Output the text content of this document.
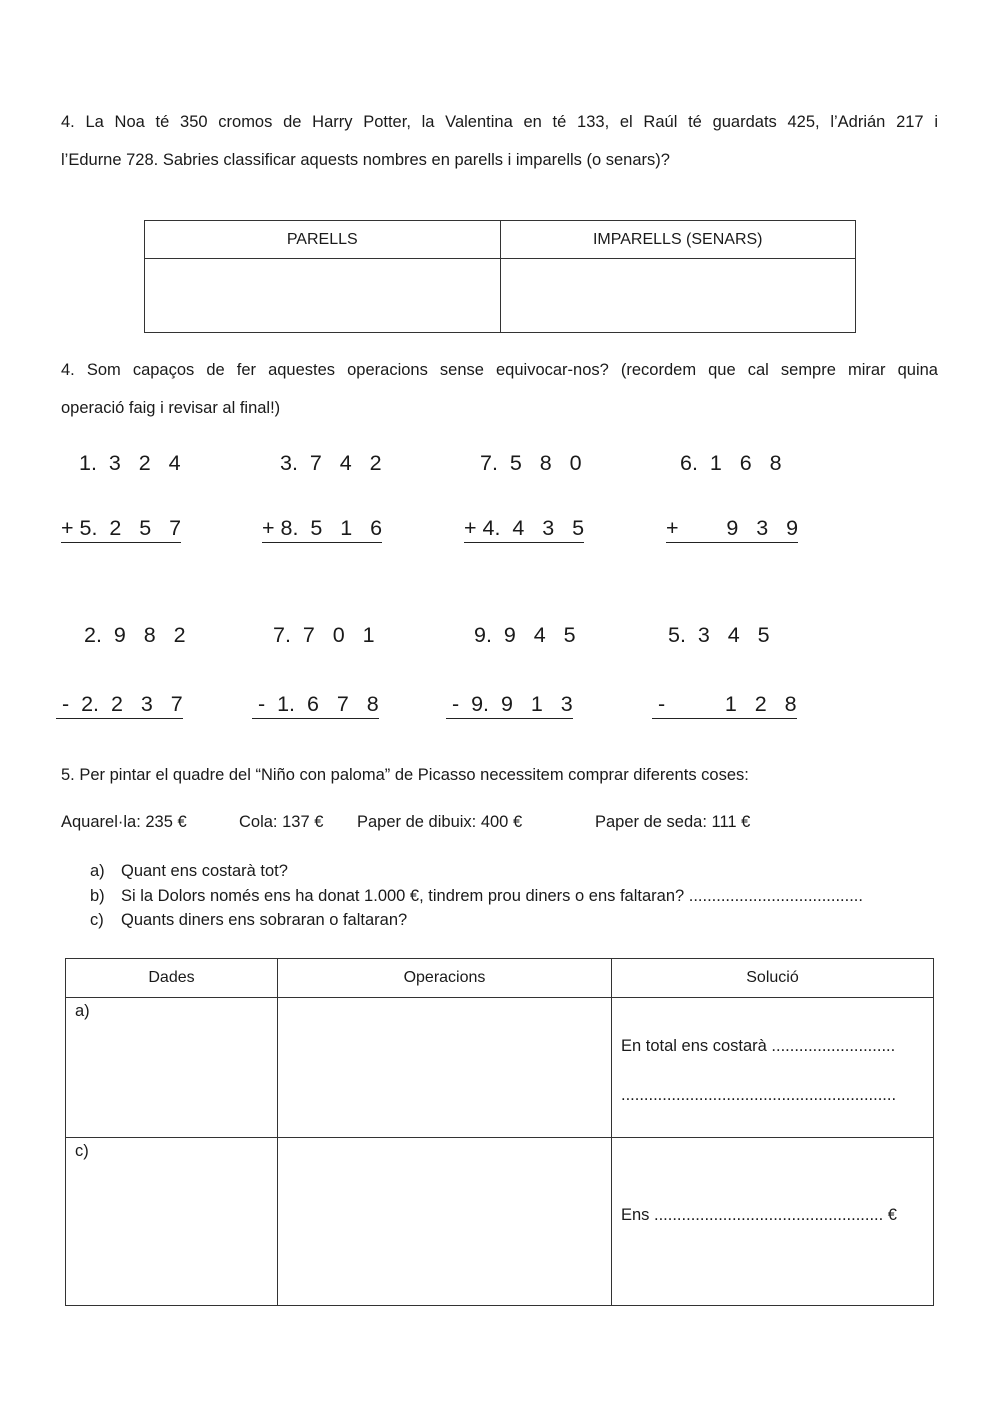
4. La Noa té 350 cromos de Harry Potter, la Valentina en té 133, el Raúl té guardats 425, l’Adrián 217 i
l’Edurne 728. Sabries classificar aquests nombres en parells i imparells (o senars)?
PARELLS	IMPARELLS (SENARS)

4. Som capaços de fer aquestes operacions sense equivocar-nos? (recordem que cal sempre mirar quina
operació faig i revisar al final!)
1.  3   2   4
+ 5.  2   5   7
3.  7   4   2
+ 8.  5   1   6
7.  5   8   0
+ 4.  4   3   5
6.  1   6   8
+        9   3   9
2.  9   8   2
-  2.  2   3   7
7.  7   0   1
-  1.  6   7   8
9.  9   4   5
-  9.  9   1   3
5.  3   4   5
-          1   2   8
5. Per pintar el quadre del “Niño con paloma” de Picasso necessitem comprar diferents coses:
Aquarel·la: 235 €	Cola: 137 € Paper de dibuix: 400 €	Paper de seda: 111 €
a) Quant ens costarà tot?
b) Si la Dolors només ens ha donat 1.000 €, tindrem prou diners o ens faltaran? ......................................
c) Quants diners ens sobraran o faltaran?
Dades	Operacions	Solució

a)		En total ens costarà ...........................
............................................................

c)		Ens .................................................. €
